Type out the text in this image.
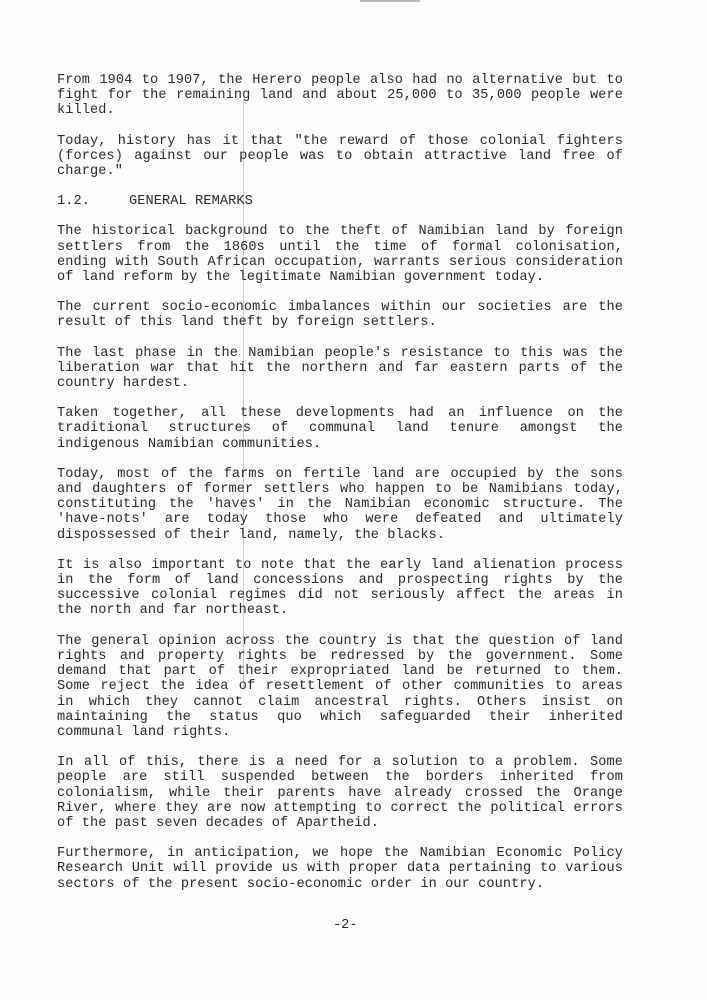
From 1904 to 1907, the Herero people also had no alternative but to fight for the remaining land and about 25,000 to 35,000 people were killed.

Today, history has it that "the reward of those colonial fighters (forces) against our people was to obtain attractive land free of charge."

1.2.	GENERAL REMARKS

The historical background to the theft of Namibian land by foreign settlers from the 1860s until the time of formal colonisation, ending with South African occupation, warrants serious consideration of land reform by the legitimate Namibian government today.

The current socio-economic imbalances within our societies are the result of this land theft by foreign settlers.

The last phase in the Namibian people's resistance to this was the liberation war that hit the northern and far eastern parts of the country hardest.

Taken together, all these developments had an influence on the traditional structures of communal land tenure amongst the indigenous Namibian communities.

Today, most of the farms on fertile land are occupied by the sons and daughters of former settlers who happen to be Namibians today, constituting the 'haves' in the Namibian economic structure. The 'have-nots' are today those who were defeated and ultimately dispossessed of their land, namely, the blacks.

It is also important to note that the early land alienation process in the form of land concessions and prospecting rights by the successive colonial regimes did not seriously affect the areas in the north and far northeast.

The general opinion across the country is that the question of land rights and property rights be redressed by the government. Some demand that part of their expropriated land be returned to them. Some reject the idea of resettlement of other communities to areas in which they cannot claim ancestral rights. Others insist on maintaining the status quo which safeguarded their inherited communal land rights.

In all of this, there is a need for a solution to a problem. Some people are still suspended between the borders inherited from colonialism, while their parents have already crossed the Orange River, where they are now attempting to correct the political errors of the past seven decades of Apartheid.

Furthermore, in anticipation, we hope the Namibian Economic Policy Research Unit will provide us with proper data pertaining to various sectors of the present socio-economic order in our country.

-2-
